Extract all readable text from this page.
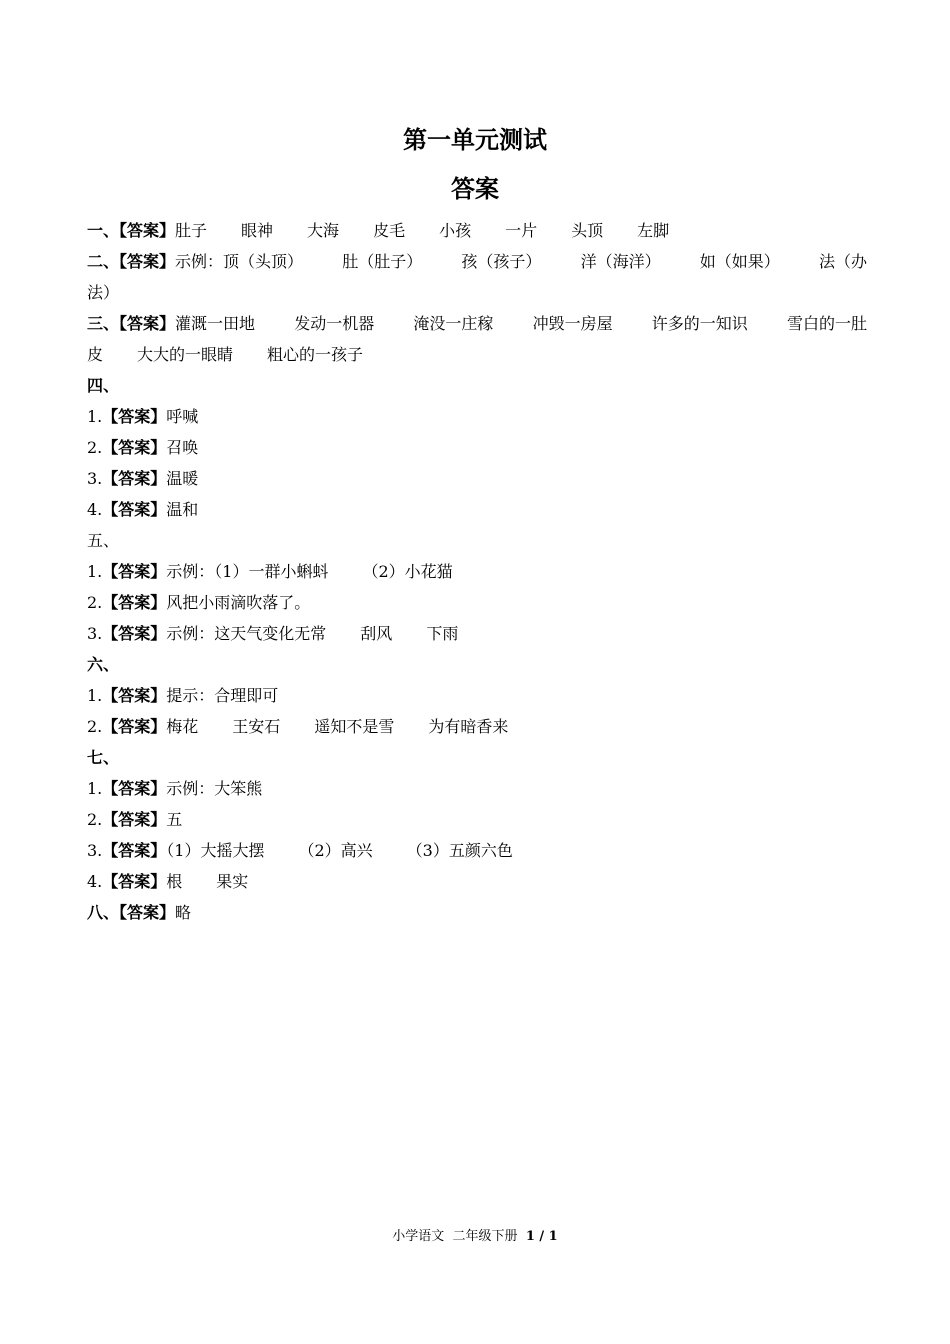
第一单元测试
答案
一、【答案】肚子 眼神 大海 皮毛 小孩 一片 头顶 左脚
二、【答案】示例：顶（头顶） 肚（肚子） 孩（孩子） 洋（海洋） 如（如果） 法（办
法）
三、【答案】灌溉一田地 发动一机器 淹没一庄稼 冲毁一房屋 许多的一知识 雪白的一肚
皮 大大的一眼睛 粗心的一孩子
四、
1.【答案】呼喊
2.【答案】召唤
3.【答案】温暖
4.【答案】温和
五、
1.【答案】示例：（1）一群小蝌蚪 （2）小花猫
2.【答案】风把小雨滴吹落了。
3.【答案】示例：这天气变化无常 刮风 下雨
六、
1.【答案】提示：合理即可
2.【答案】梅花 王安石 遥知不是雪 为有暗香来
七、
1.【答案】示例：大笨熊
2.【答案】五
3.【答案】（1）大摇大摆 （2）高兴 （3）五颜六色
4.【答案】根 果实
八、【答案】略
小学语文 二年级下册 1 / 1
